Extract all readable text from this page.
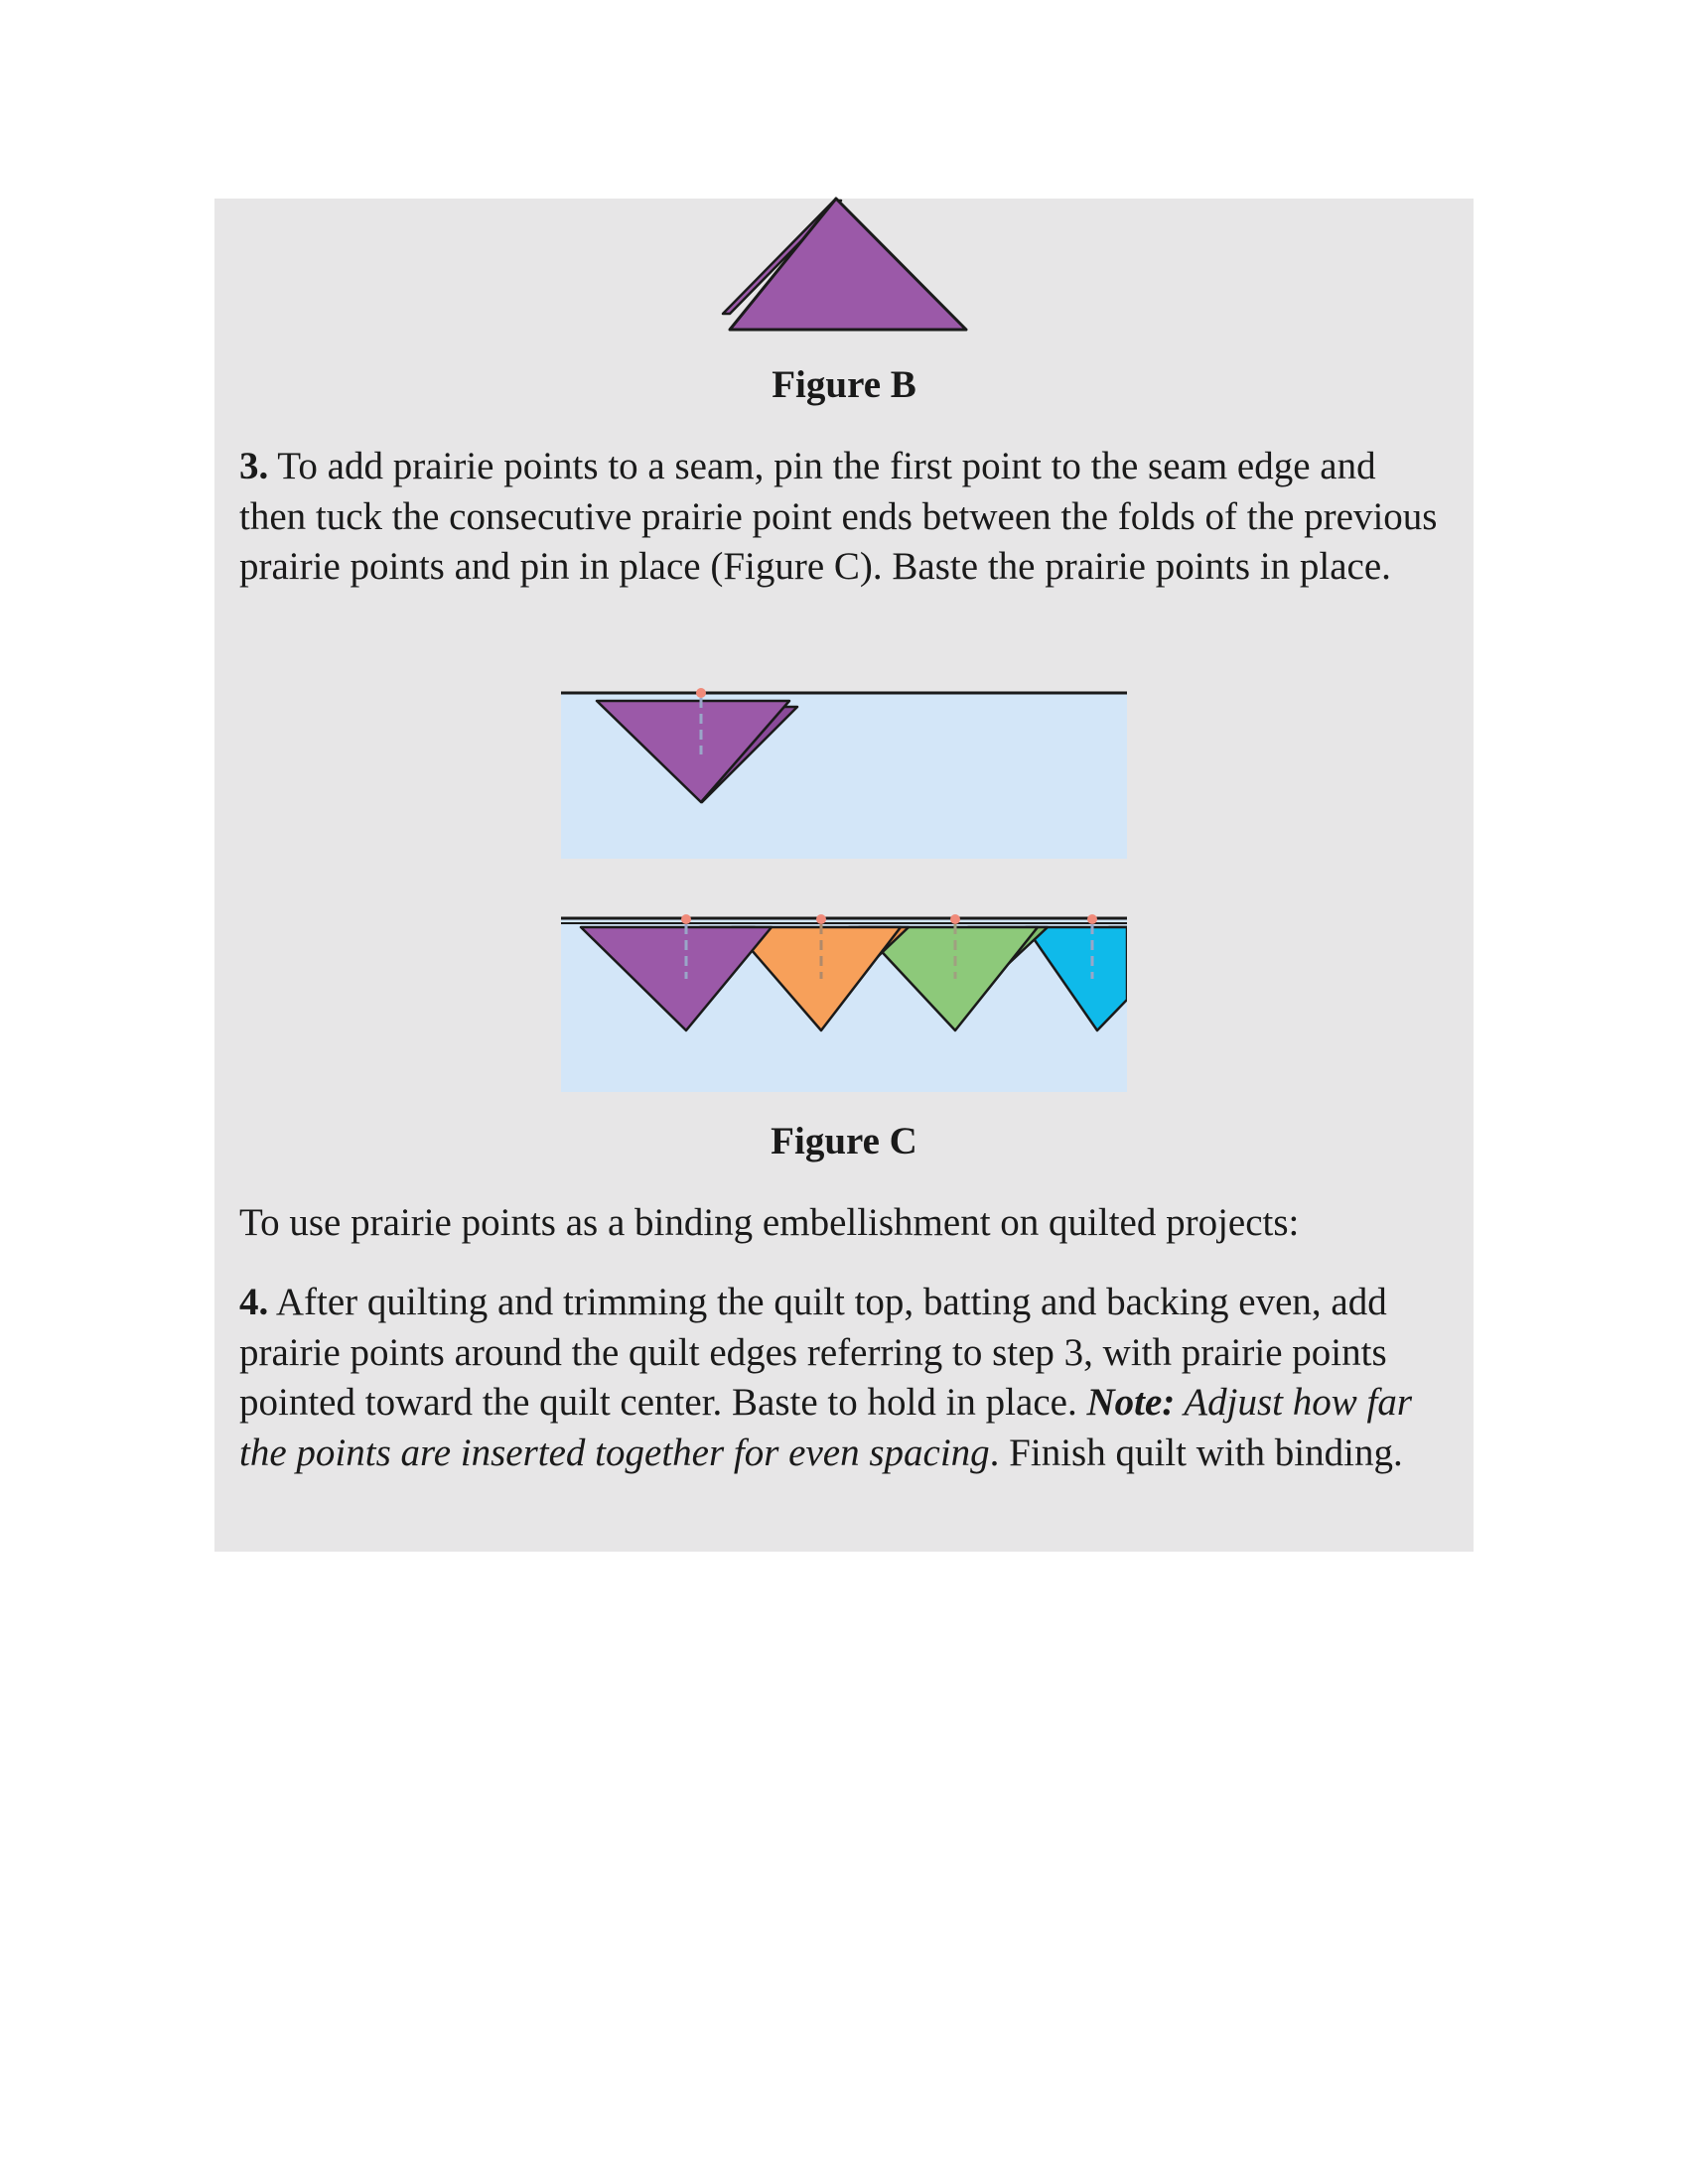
Figure B

3. To add prairie points to a seam, pin the first point to the seam edge and then tuck the consecutive prairie point ends between the folds of the previous prairie points and pin in place (Figure C). Baste the prairie points in place.

Figure C

To use prairie points as a binding embellishment on quilted projects:

4. After quilting and trimming the quilt top, batting and backing even, add prairie points around the quilt edges referring to step 3, with prairie points pointed toward the quilt center. Baste to hold in place. Note: Adjust how far the points are inserted together for even spacing. Finish quilt with binding.
